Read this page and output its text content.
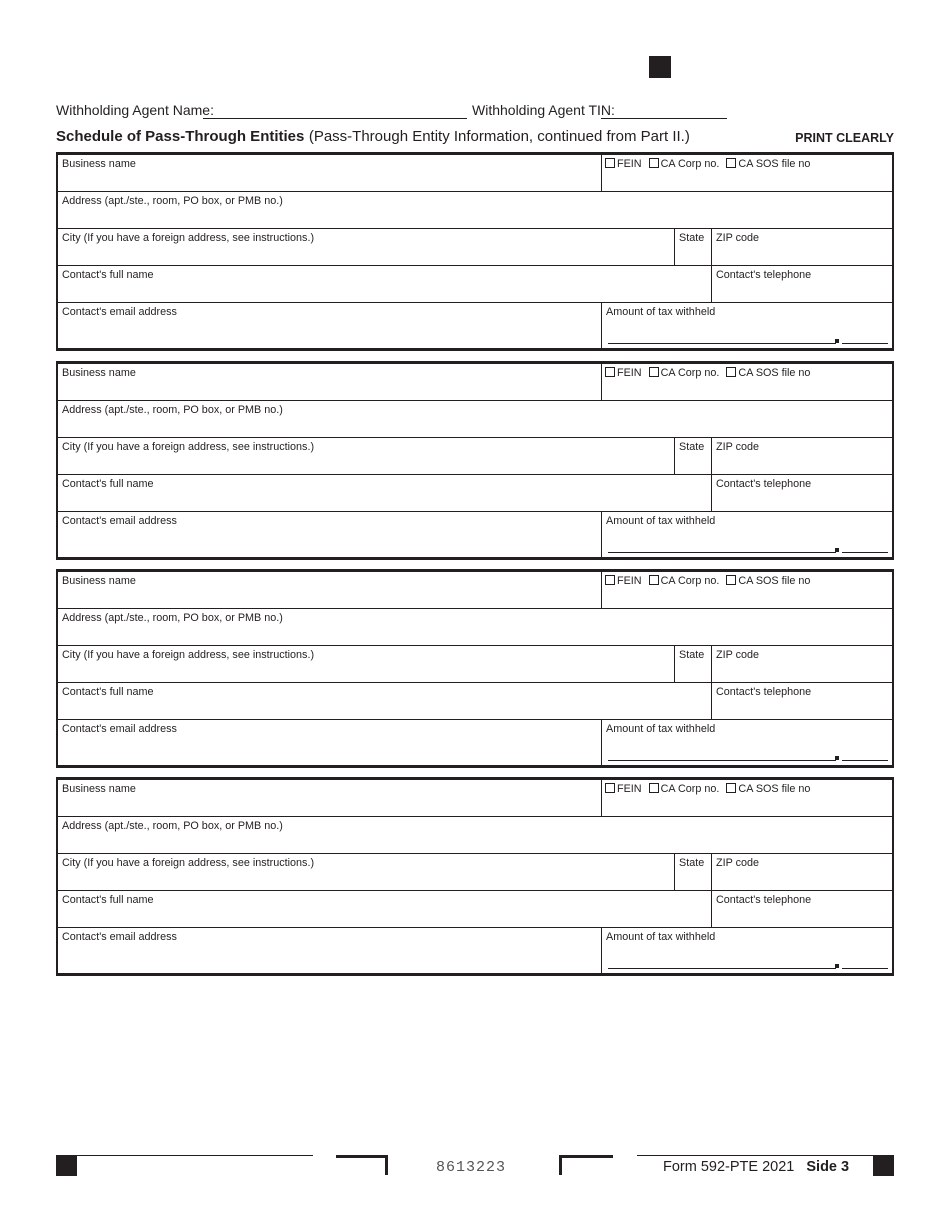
Withholding Agent Name:	Withholding Agent TIN:
Schedule of Pass-Through Entities (Pass-Through Entity Information, continued from Part II.)	PRINT CLEARLY
Business name	FEIN CA Corp no. CA SOS file no
Address (apt./ste., room, PO box, or PMB no.)
City (If you have a foreign address, see instructions.)	State ZIP code
Contact's full name	Contact's telephone
Contact's email address	Amount of tax withheld
Business name	FEIN CA Corp no. CA SOS file no
Address (apt./ste., room, PO box, or PMB no.)
City (If you have a foreign address, see instructions.)	State ZIP code
Contact's full name	Contact's telephone
Contact's email address	Amount of tax withheld
Business name	FEIN CA Corp no. CA SOS file no
Address (apt./ste., room, PO box, or PMB no.)
City (If you have a foreign address, see instructions.)	State ZIP code
Contact's full name	Contact's telephone
Contact's email address	Amount of tax withheld
Business name	FEIN CA Corp no. CA SOS file no
Address (apt./ste., room, PO box, or PMB no.)
City (If you have a foreign address, see instructions.)	State ZIP code
Contact's full name	Contact's telephone
Contact's email address	Amount of tax withheld
8613223	Form 592-PTE 2021 Side 3
